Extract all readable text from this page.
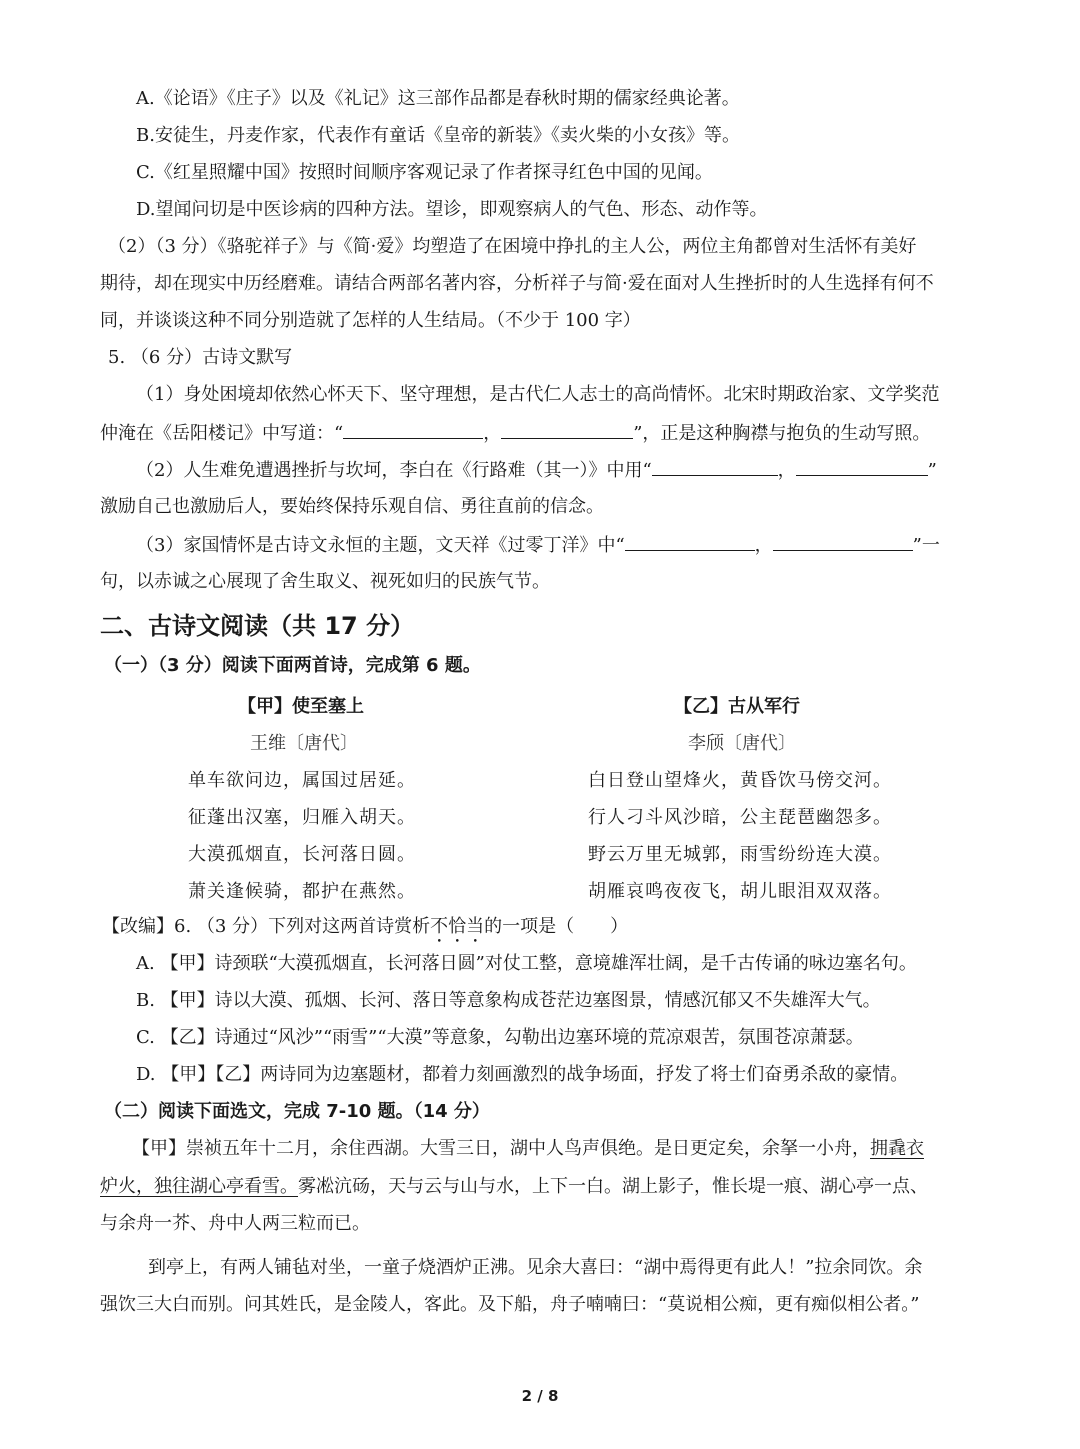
A.《论语》《庄子》以及《礼记》这三部作品都是春秋时期的儒家经典论著。
B.安徒生，丹麦作家，代表作有童话《皇帝的新装》《卖火柴的小女孩》等。
C.《红星照耀中国》按照时间顺序客观记录了作者探寻红色中国的见闻。
D.望闻问切是中医诊病的四种方法。望诊，即观察病人的气色、形态、动作等。
（2）（3 分）《骆驼祥子》与《简·爱》均塑造了在困境中挣扎的主人公，两位主角都曾对生活怀有美好
期待，却在现实中历经磨难。请结合两部名著内容，分析祥子与简·爱在面对人生挫折时的人生选择有何不
同，并谈谈这种不同分别造就了怎样的人生结局。（不少于 100 字）
5. （6 分）古诗文默写
（1）身处困境却依然心怀天下、坚守理想，是古代仁人志士的高尚情怀。北宋时期政治家、文学奖范
仲淹在《岳阳楼记》中写道：“	，	”，正是这种胸襟与抱负的生动写照。
（2）人生难免遭遇挫折与坎坷，李白在《行路难（其一）》中用“	，	”
激励自己也激励后人，要始终保持乐观自信、勇往直前的信念。
（3）家国情怀是古诗文永恒的主题，文天祥《过零丁洋》中“	，	”一
句，以赤诚之心展现了舍生取义、视死如归的民族气节。
二、古诗文阅读（共 17 分）
（一）（3 分）阅读下面两首诗，完成第 6 题。
【甲】使至塞上
王维〔唐代〕
单车欲问边，属国过居延。
征蓬出汉塞，归雁入胡天。
大漠孤烟直，长河落日圆。
萧关逢候骑，都护在燕然。
【乙】古从军行
李颀〔唐代〕
白日登山望烽火，黄昏饮马傍交河。
行人刁斗风沙暗，公主琵琶幽怨多。
野云万里无城郭，雨雪纷纷连大漠。
胡雁哀鸣夜夜飞，胡儿眼泪双双落。
【改编】6. （3 分）下列对这两首诗赏析不恰当的一项是（　　）
A. 【甲】诗颈联“大漠孤烟直，长河落日圆”对仗工整，意境雄浑壮阔，是千古传诵的咏边塞名句。
B. 【甲】诗以大漠、孤烟、长河、落日等意象构成苍茫边塞图景，情感沉郁又不失雄浑大气。
C. 【乙】诗通过“风沙”“雨雪”“大漠”等意象，勾勒出边塞环境的荒凉艰苦，氛围苍凉萧瑟。
D. 【甲】【乙】两诗同为边塞题材，都着力刻画激烈的战争场面，抒发了将士们奋勇杀敌的豪情。
（二）阅读下面选文，完成 7-10 题。（14 分）
【甲】崇祯五年十二月，余住西湖。大雪三日，湖中人鸟声俱绝。是日更定矣，余拏一小舟，拥毳衣
炉火，独往湖心亭看雪。雾凇沆砀，天与云与山与水，上下一白。湖上影子，惟长堤一痕、湖心亭一点、
与余舟一芥、舟中人两三粒而已。
到亭上，有两人铺毡对坐，一童子烧酒炉正沸。见余大喜曰：“湖中焉得更有此人！”拉余同饮。余
强饮三大白而别。问其姓氏，是金陵人，客此。及下船，舟子喃喃曰：“莫说相公痴，更有痴似相公者。”
2 / 8
